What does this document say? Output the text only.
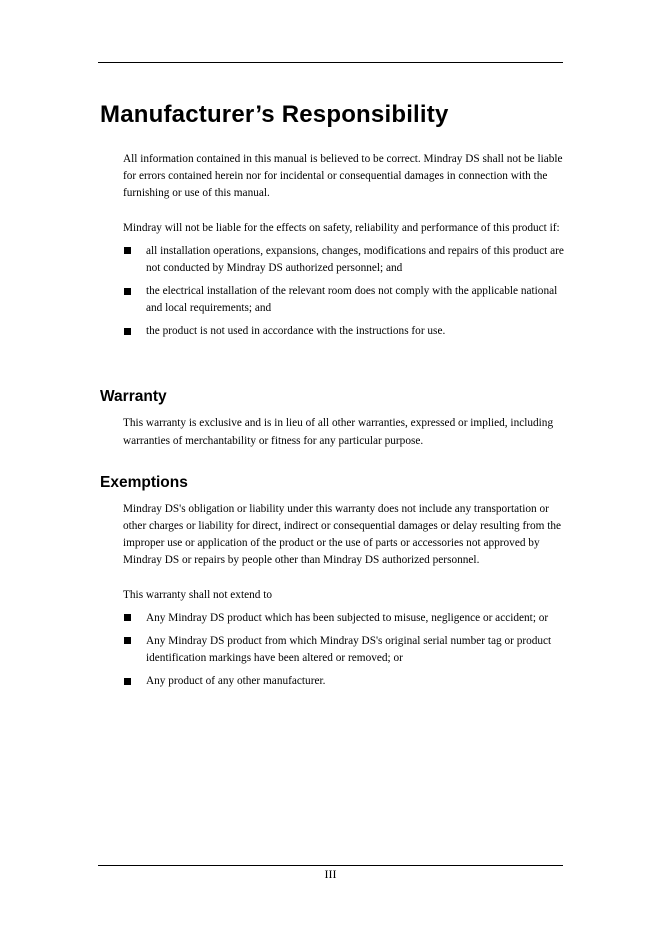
Manufacturer’s Responsibility

All information contained in this manual is believed to be correct. Mindray DS shall not be liable for errors contained herein nor for incidental or consequential damages in connection with the furnishing or use of this manual.

Mindray will not be liable for the effects on safety, reliability and performance of this product if:

all installation operations, expansions, changes, modifications and repairs of this product are not conducted by Mindray DS authorized personnel; and
the electrical installation of the relevant room does not comply with the applicable national and local requirements; and
the product is not used in accordance with the instructions for use.
Warranty

This warranty is exclusive and is in lieu of all other warranties, expressed or implied, including warranties of merchantability or fitness for any particular purpose.

Exemptions

Mindray DS's obligation or liability under this warranty does not include any transportation or other charges or liability for direct, indirect or consequential damages or delay resulting from the improper use or application of the product or the use of parts or accessories not approved by Mindray DS or repairs by people other than Mindray DS authorized personnel.

This warranty shall not extend to

Any Mindray DS product which has been subjected to misuse, negligence or accident; or
Any Mindray DS product from which Mindray DS's original serial number tag or product identification markings have been altered or removed; or
Any product of any other manufacturer.
III
